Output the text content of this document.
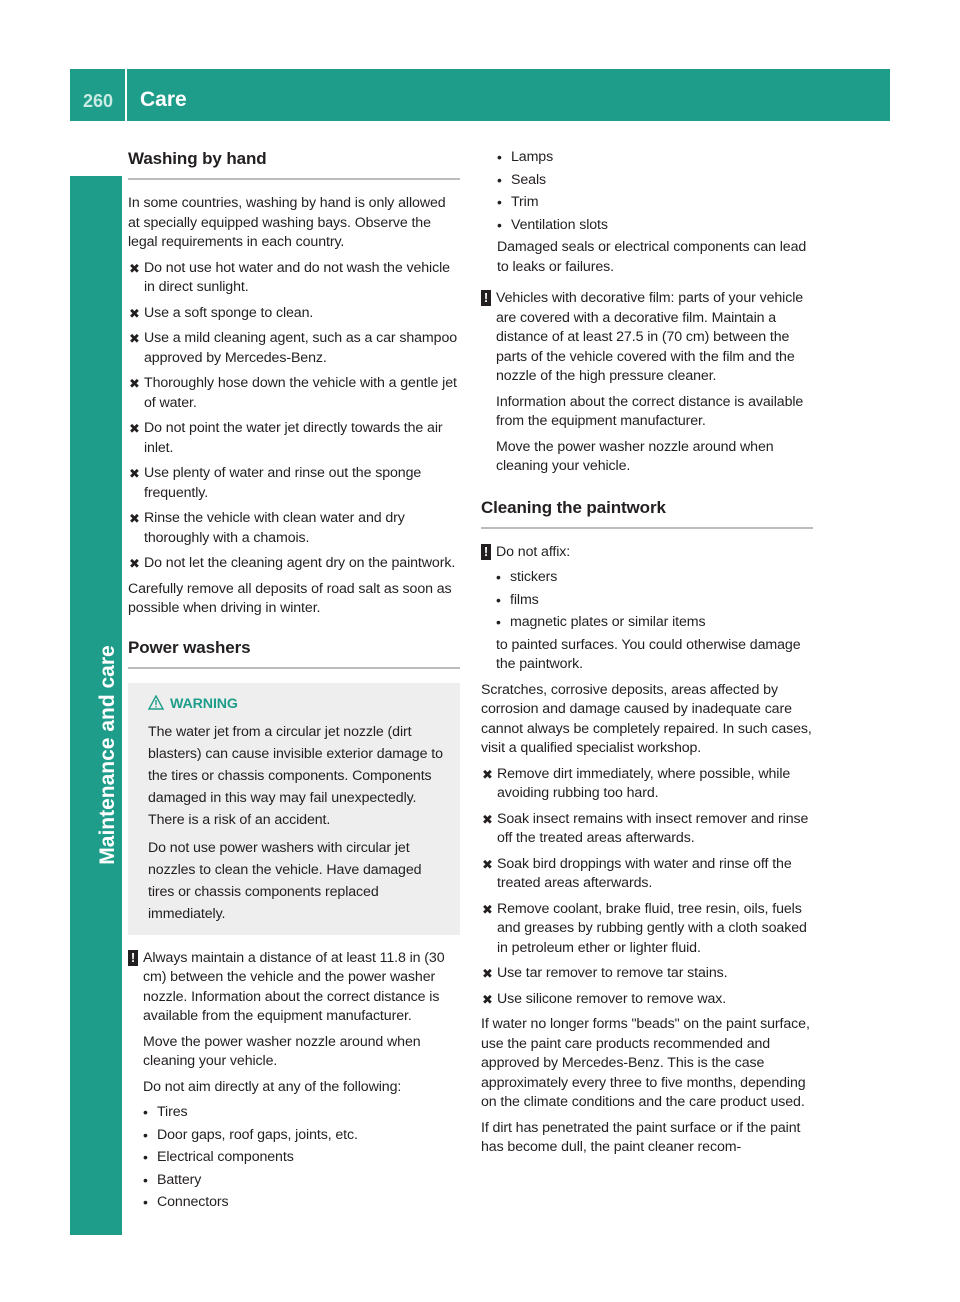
260 Care
Maintenance and care
Washing by hand
In some countries, washing by hand is only allowed at specially equipped washing bays. Observe the legal requirements in each country.
✖ Do not use hot water and do not wash the vehicle in direct sunlight.
✖ Use a soft sponge to clean.
✖ Use a mild cleaning agent, such as a car shampoo approved by Mercedes-Benz.
✖ Thoroughly hose down the vehicle with a gentle jet of water.
✖ Do not point the water jet directly towards the air inlet.
✖ Use plenty of water and rinse out the sponge frequently.
✖ Rinse the vehicle with clean water and dry thoroughly with a chamois.
✖ Do not let the cleaning agent dry on the paintwork.
Carefully remove all deposits of road salt as soon as possible when driving in winter.
Power washers
WARNING
The water jet from a circular jet nozzle (dirt blasters) can cause invisible exterior damage to the tires or chassis components. Components damaged in this way may fail unexpectedly. There is a risk of an accident.
Do not use power washers with circular jet nozzles to clean the vehicle. Have damaged tires or chassis components replaced immediately.
! Always maintain a distance of at least 11.8 in (30 cm) between the vehicle and the power washer nozzle. Information about the correct distance is available from the equipment manufacturer.
Move the power washer nozzle around when cleaning your vehicle.
Do not aim directly at any of the following:
• Tires
• Door gaps, roof gaps, joints, etc.
• Electrical components
• Battery
• Connectors
• Lamps
• Seals
• Trim
• Ventilation slots
Damaged seals or electrical components can lead to leaks or failures.
! Vehicles with decorative film: parts of your vehicle are covered with a decorative film. Maintain a distance of at least 27.5 in (70 cm) between the parts of the vehicle covered with the film and the nozzle of the high pressure cleaner.
Information about the correct distance is available from the equipment manufacturer.
Move the power washer nozzle around when cleaning your vehicle.
Cleaning the paintwork
! Do not affix:
• stickers
• films
• magnetic plates or similar items
to painted surfaces. You could otherwise damage the paintwork.
Scratches, corrosive deposits, areas affected by corrosion and damage caused by inadequate care cannot always be completely repaired. In such cases, visit a qualified specialist workshop.
✖ Remove dirt immediately, where possible, while avoiding rubbing too hard.
✖ Soak insect remains with insect remover and rinse off the treated areas afterwards.
✖ Soak bird droppings with water and rinse off the treated areas afterwards.
✖ Remove coolant, brake fluid, tree resin, oils, fuels and greases by rubbing gently with a cloth soaked in petroleum ether or lighter fluid.
✖ Use tar remover to remove tar stains.
✖ Use silicone remover to remove wax.
If water no longer forms "beads" on the paint surface, use the paint care products recommended and approved by Mercedes-Benz. This is the case approximately every three to five months, depending on the climate conditions and the care product used.
If dirt has penetrated the paint surface or if the paint has become dull, the paint cleaner recom-
